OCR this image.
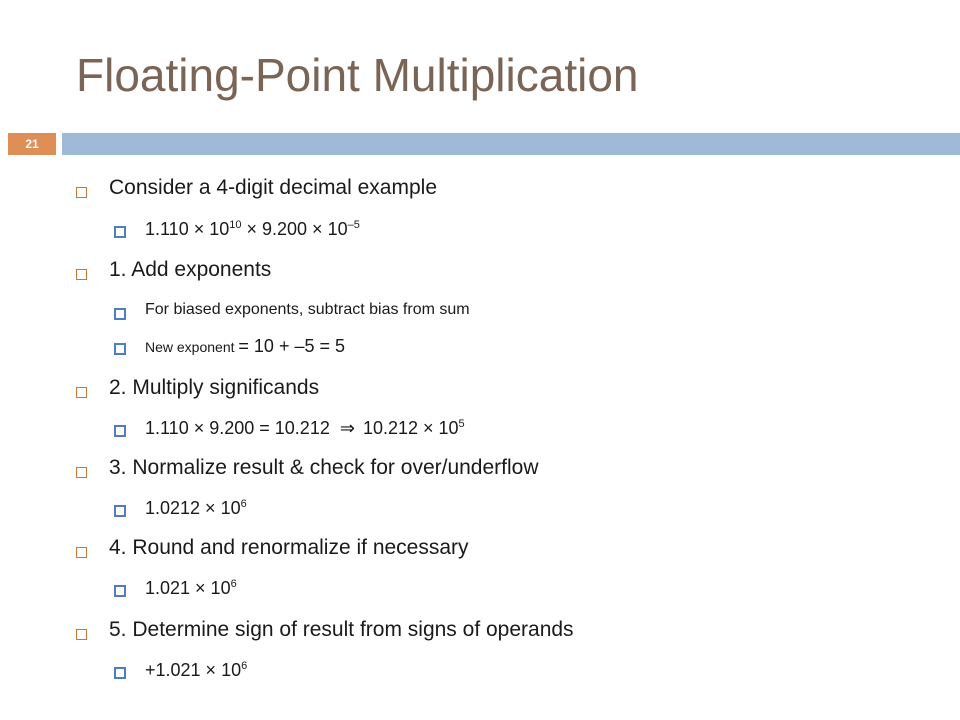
Floating-Point Multiplication
21
Consider a 4-digit decimal example
$1.110 \times 10^{10} \times 9.200 \times 10^{-5}$
1. Add exponents
For biased exponents, subtract bias from sum
New exponent = 10 + –5 = 5
2. Multiply significands
1.110 × 9.200 = 10.212 ⇒ $10.212 \times 10^5$
3. Normalize result & check for over/underflow
$1.0212 \times 10^6$
4. Round and renormalize if necessary
$1.021 \times 10^6$
5. Determine sign of result from signs of operands
$+1.021 \times 10^6$
